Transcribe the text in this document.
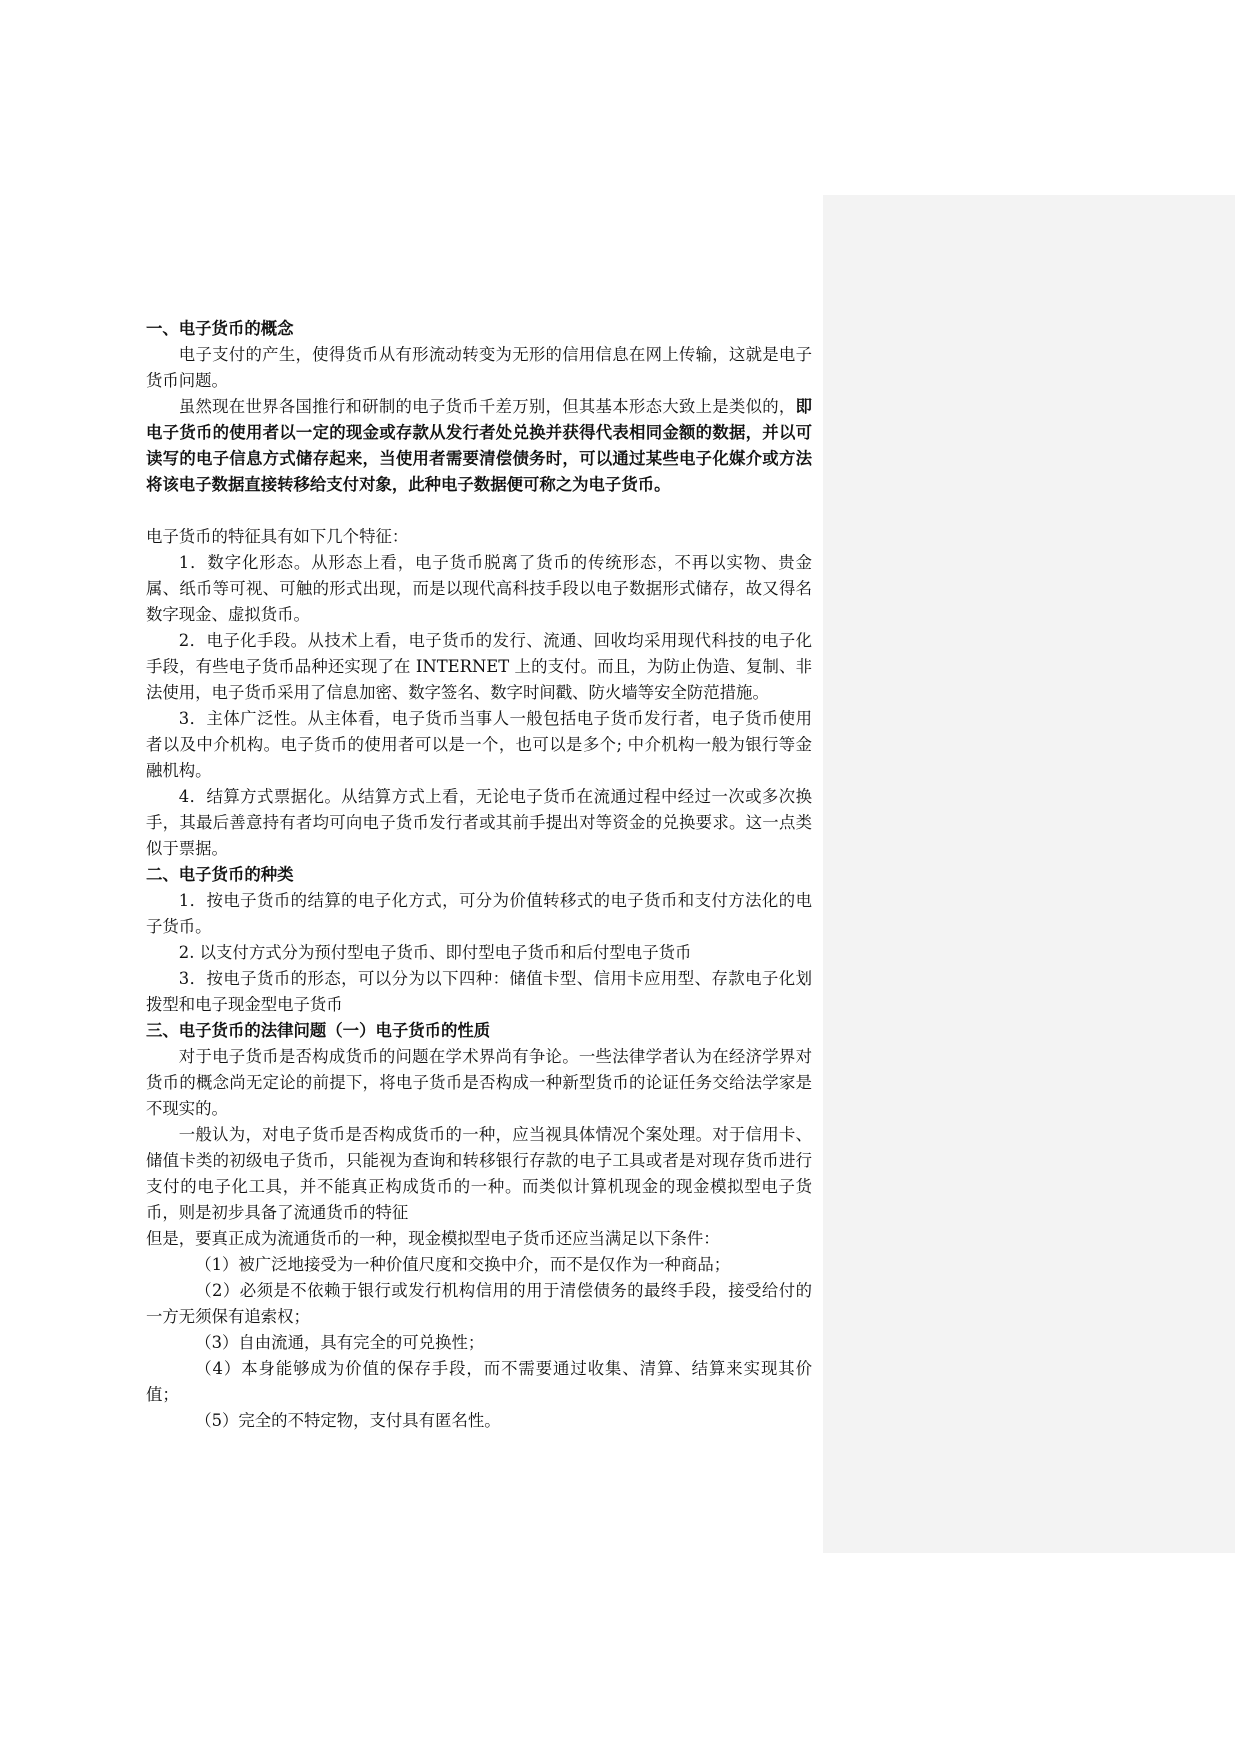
一、电子货币的概念

电子支付的产生，使得货币从有形流动转变为无形的信用信息在网上传输，这就是电子货币问题。

虽然现在世界各国推行和研制的电子货币千差万别，但其基本形态大致上是类似的，即电子货币的使用者以一定的现金或存款从发行者处兑换并获得代表相同金额的数据，并以可读写的电子信息方式储存起来，当使用者需要清偿债务时，可以通过某些电子化媒介或方法将该电子数据直接转移给支付对象，此种电子数据便可称之为电子货币。

电子货币的特征具有如下几个特征：

1．数字化形态。从形态上看，电子货币脱离了货币的传统形态，不再以实物、贵金属、纸币等可视、可触的形式出现，而是以现代高科技手段以电子数据形式储存，故又得名数字现金、虚拟货币。

2．电子化手段。从技术上看，电子货币的发行、流通、回收均采用现代科技的电子化手段，有些电子货币品种还实现了在 INTERNET 上的支付。而且，为防止伪造、复制、非法使用，电子货币采用了信息加密、数字签名、数字时间戳、防火墙等安全防范措施。

3．主体广泛性。从主体看，电子货币当事人一般包括电子货币发行者，电子货币使用者以及中介机构。电子货币的使用者可以是一个，也可以是多个; 中介机构一般为银行等金融机构。

4．结算方式票据化。从结算方式上看，无论电子货币在流通过程中经过一次或多次换手，其最后善意持有者均可向电子货币发行者或其前手提出对等资金的兑换要求。这一点类似于票据。

二、电子货币的种类

1．按电子货币的结算的电子化方式，可分为价值转移式的电子货币和支付方法化的电子货币。

2. 以支付方式分为预付型电子货币、即付型电子货币和后付型电子货币

3．按电子货币的形态，可以分为以下四种：储值卡型、信用卡应用型、存款电子化划拨型和电子现金型电子货币

三、电子货币的法律问题（一）电子货币的性质

对于电子货币是否构成货币的问题在学术界尚有争论。一些法律学者认为在经济学界对货币的概念尚无定论的前提下，将电子货币是否构成一种新型货币的论证任务交给法学家是不现实的。

一般认为，对电子货币是否构成货币的一种，应当视具体情况个案处理。对于信用卡、储值卡类的初级电子货币，只能视为查询和转移银行存款的电子工具或者是对现存货币进行支付的电子化工具，并不能真正构成货币的一种。而类似计算机现金的现金模拟型电子货币，则是初步具备了流通货币的特征

但是，要真正成为流通货币的一种，现金模拟型电子货币还应当满足以下条件：

（1）被广泛地接受为一种价值尺度和交换中介，而不是仅作为一种商品；

（2）必须是不依赖于银行或发行机构信用的用于清偿债务的最终手段，接受给付的一方无须保有追索权；

（3）自由流通，具有完全的可兑换性；

（4）本身能够成为价值的保存手段，而不需要通过收集、清算、结算来实现其价值；

（5）完全的不特定物，支付具有匿名性。
